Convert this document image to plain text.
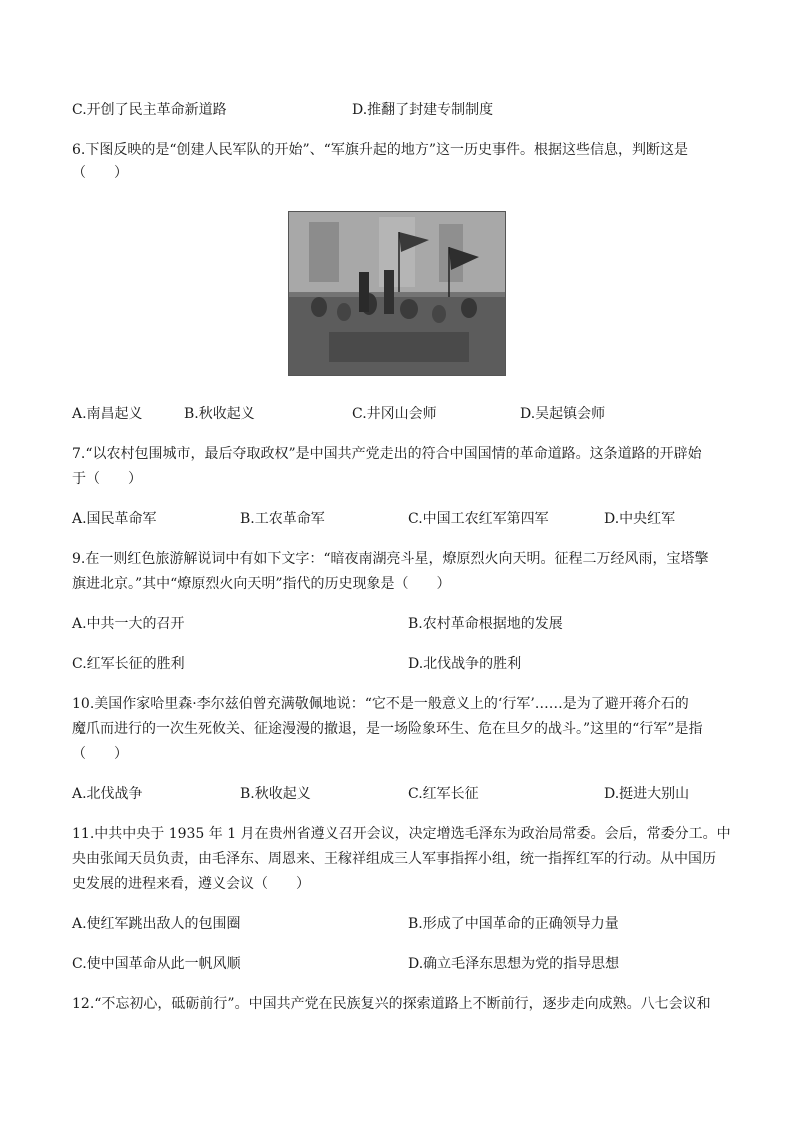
C.开创了民主革命新道路	D.推翻了封建专制制度
6.下图反映的是“创建人民军队的开始”、“军旗升起的地方”这一历史事件。根据这些信息，判断这是
（　　）
A.南昌起义	B.秋收起义	C.井冈山会师	D.吴起镇会师
7.“以农村包围城市，最后夺取政权”是中国共产党走出的符合中国国情的革命道路。这条道路的开辟始
于（　　）
A.国民革命军	B.工农革命军	C.中国工农红军第四军	D.中央红军
9.在一则红色旅游解说词中有如下文字：“暗夜南湖亮斗星，燎原烈火向天明。征程二万经风雨，宝塔擎
旗进北京。”其中“燎原烈火向天明”指代的历史现象是（　　）
A.中共一大的召开	B.农村革命根据地的发展
C.红军长征的胜利	D.北伐战争的胜利
10.美国作家哈里森·李尔兹伯曾充满敬佩地说：“它不是一般意义上的‘行军’……是为了避开蒋介石的
魔爪而进行的一次生死攸关、征途漫漫的撤退，是一场险象环生、危在旦夕的战斗。”这里的“行军”是指
（　　）
A.北伐战争	B.秋收起义	C.红军长征	D.挺进大别山
11.中共中央于 1935 年 1 月在贵州省遵义召开会议，决定增选毛泽东为政治局常委。会后，常委分工。中
央由张闻天员负责，由毛泽东、周恩来、王稼祥组成三人军事指挥小组，统一指挥红军的行动。从中国历
史发展的进程来看，遵义会议（　　）
A.使红军跳出敌人的包围圈	B.形成了中国革命的正确领导力量
C.使中国革命从此一帆风顺	D.确立毛泽东思想为党的指导思想
12.“不忘初心，砥砺前行”。中国共产党在民族复兴的探索道路上不断前行，逐步走向成熟。八七会议和
